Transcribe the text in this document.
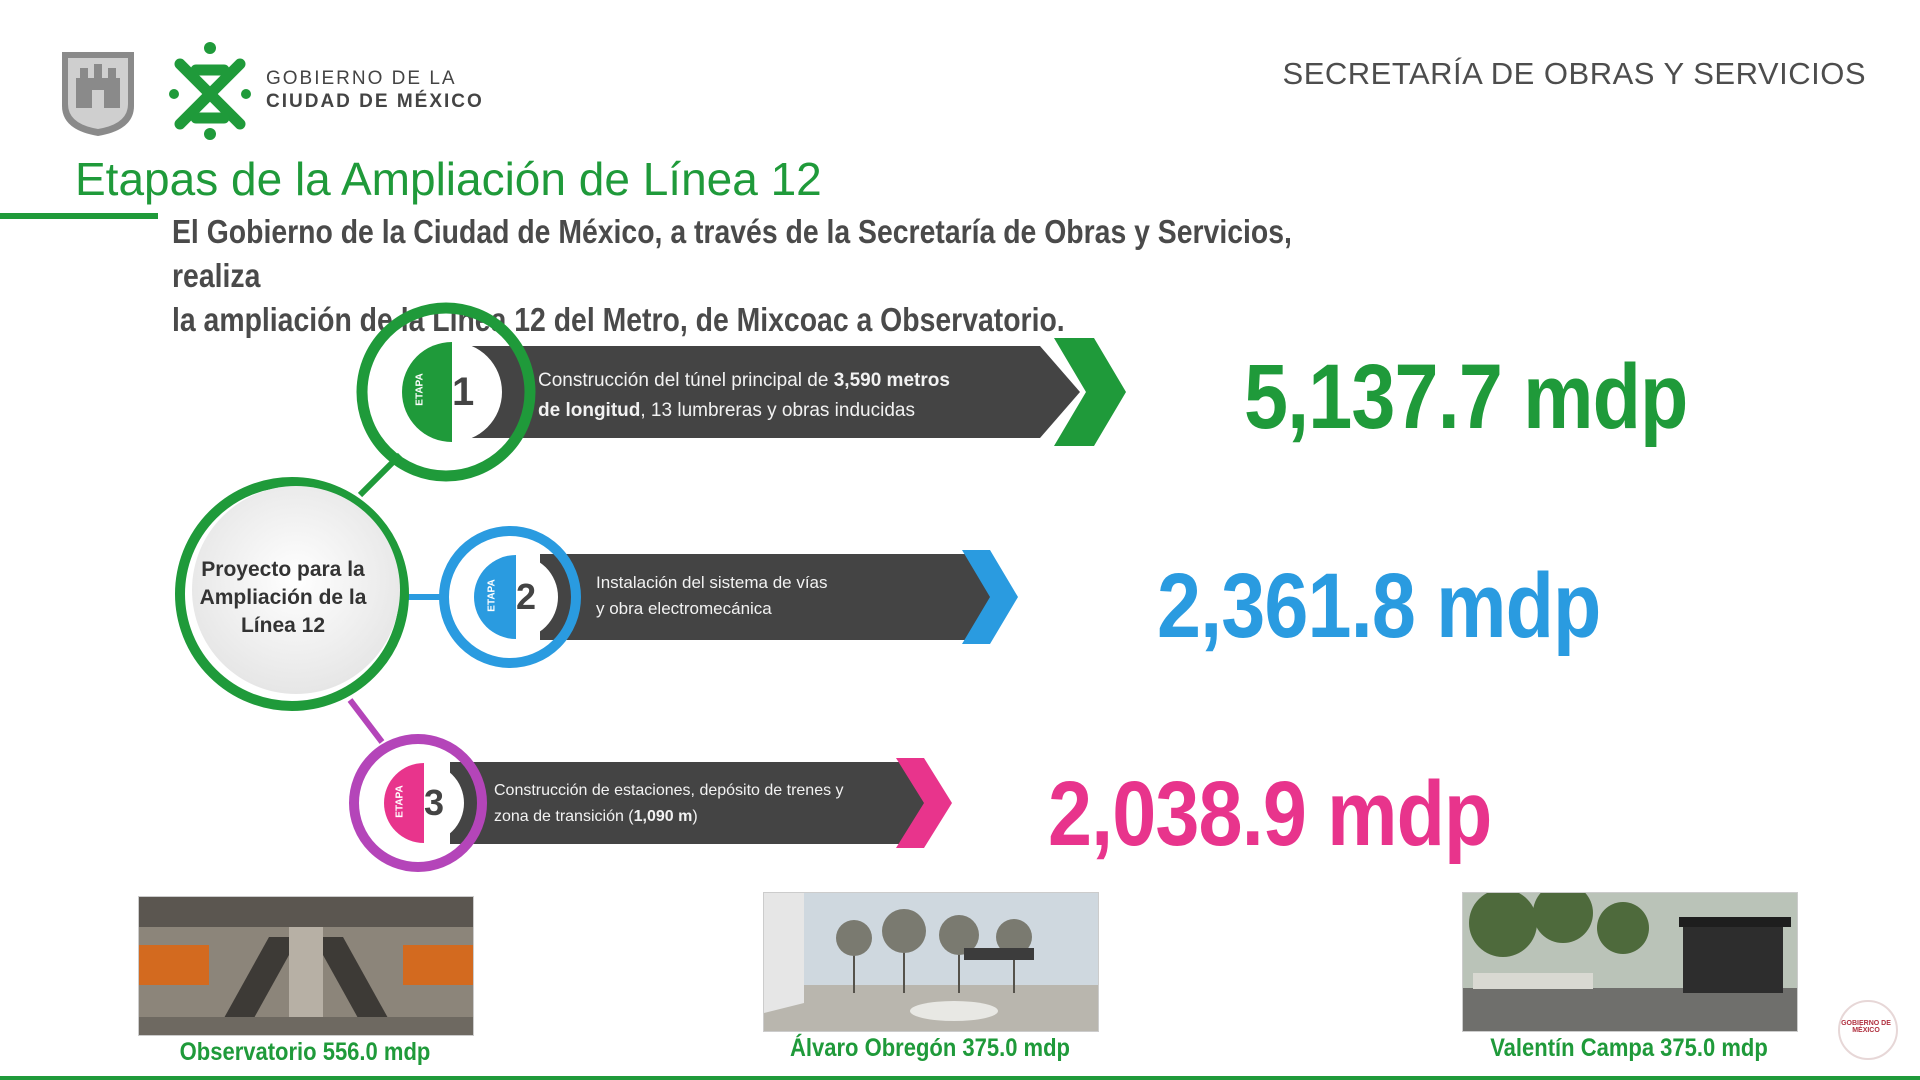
GOBIERNO DE LA
CIUDAD DE MÉXICO
SECRETARÍA DE OBRAS Y SERVICIOS
Etapas de la Ampliación de Línea 12
El Gobierno de la Ciudad de México, a través de la Secretaría de Obras y Servicios, realiza
la ampliación de la Línea 12 del Metro, de Mixcoac a Observatorio.
Proyecto para la
Ampliación de la
Línea 12
ETAPA 1
ETAPA 2
ETAPA 3
Construcción del túnel principal de 3,590 metros
de longitud, 13 lumbreras y obras inducidas
Instalación del sistema de vías
y obra electromecánica
Construcción de estaciones, depósito de trenes y
zona de transición (1,090 m)
5,137.7 mdp
2,361.8 mdp
2,038.9 mdp
Observatorio 556.0 mdp	Álvaro Obregón 375.0 mdp	Valentín Campa 375.0 mdp
GOBIERNO DE MÉXICO
